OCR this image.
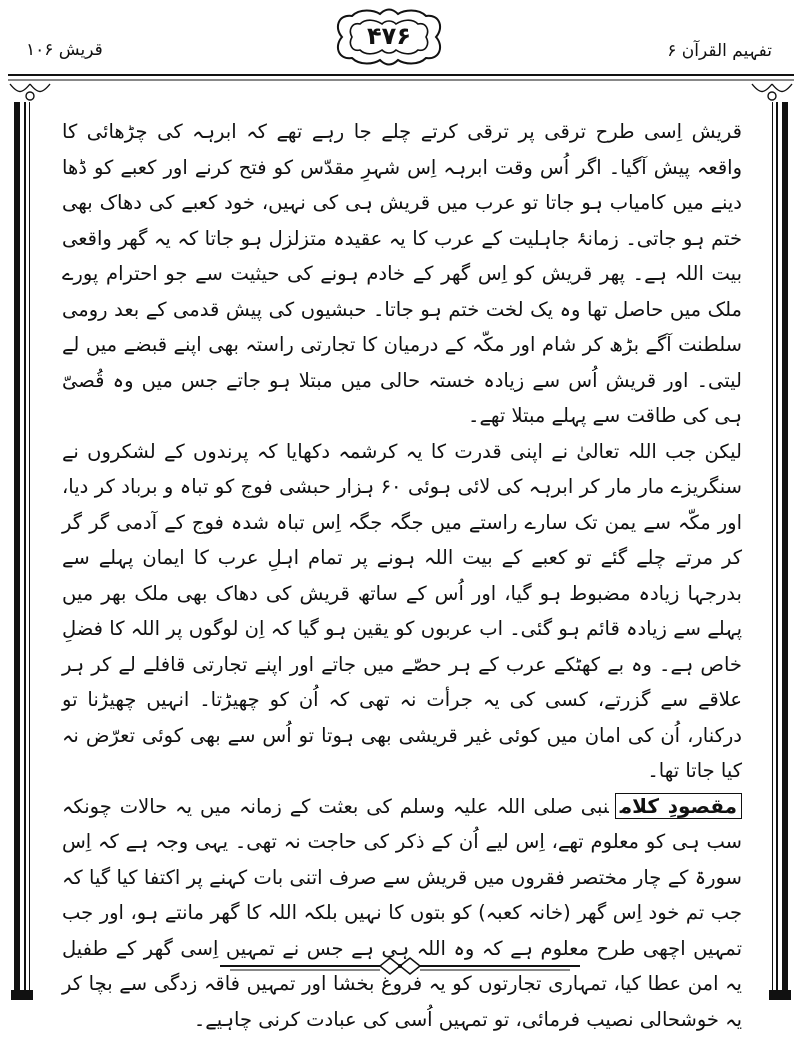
قریش ۱۰۶	تفہیم القرآن ۶
۴۷۶

قریش اِسی طرح ترقی پر ترقی کرتے چلے جا رہے تھے کہ ابرہہ کی چڑھائی کا واقعہ پیش آگیا۔ اگر اُس وقت ابرہہ اِس شہرِ مقدّس کو فتح کرنے اور کعبے کو ڈھا دینے میں کامیاب ہو جاتا تو عرب میں قریش ہی کی نہیں، خود کعبے کی دھاک بھی ختم ہو جاتی۔ زمانۂ جاہلیت کے عرب کا یہ عقیدہ متزلزل ہو جاتا کہ یہ گھر واقعی بیت اللہ ہے۔ پھر قریش کو اِس گھر کے خادم ہونے کی حیثیت سے جو احترام پورے ملک میں حاصل تھا وہ یک لخت ختم ہو جاتا۔ حبشیوں کی پیش قدمی کے بعد رومی سلطنت آگے بڑھ کر شام اور مکّہ کے درمیان کا تجارتی راستہ بھی اپنے قبضے میں لے لیتی۔ اور قریش اُس سے زیادہ خستہ حالی میں مبتلا ہو جاتے جس میں وہ قُصیّ ہی کی طاقت سے پہلے مبتلا تھے۔

لیکن جب اللہ تعالیٰ نے اپنی قدرت کا یہ کرشمہ دکھایا کہ پرندوں کے لشکروں نے سنگریزے مار مار کر ابرہہ کی لائی ہوئی ۶۰ ہزار حبشی فوج کو تباہ و برباد کر دیا، اور مکّہ سے یمن تک سارے راستے میں جگہ جگہ اِس تباہ شدہ فوج کے آدمی گر گر کر مرتے چلے گئے تو کعبے کے بیت اللہ ہونے پر تمام اہلِ عرب کا ایمان پہلے سے بدرجہا زیادہ مضبوط ہو گیا، اور اُس کے ساتھ قریش کی دھاک بھی ملک بھر میں پہلے سے زیادہ قائم ہو گئی۔ اب عربوں کو یقین ہو گیا کہ اِن لوگوں پر اللہ کا فضلِ خاص ہے۔ وہ بے کھٹکے عرب کے ہر حصّے میں جاتے اور اپنے تجارتی قافلے لے کر ہر علاقے سے گزرتے، کسی کی یہ جرأت نہ تھی کہ اُن کو چھیڑتا۔ انہیں چھیڑنا تو درکنار، اُن کی امان میں کوئی غیر قریشی بھی ہوتا تو اُس سے بھی کوئی تعرّض نہ کیا جاتا تھا۔

مقصودِ کلامنبی صلی اللہ علیہ وسلم کی بعثت کے زمانہ میں یہ حالات چونکہ سب ہی کو معلوم تھے، اِس لیے اُن کے ذکر کی حاجت نہ تھی۔ یہی وجہ ہے کہ اِس سورۃ کے چار مختصر فقروں میں قریش سے صرف اتنی بات کہنے پر اکتفا کیا گیا کہ جب تم خود اِس گھر (خانہ کعبہ) کو بتوں کا نہیں بلکہ اللہ کا گھر مانتے ہو، اور جب تمہیں اچھی طرح معلوم ہے کہ وہ اللہ ہی ہے جس نے تمہیں اِسی گھر کے طفیل یہ امن عطا کیا، تمہاری تجارتوں کو یہ فروغ بخشا اور تمہیں فاقہ زدگی سے بچا کر یہ خوشحالی نصیب فرمائی، تو تمہیں اُسی کی عبادت کرنی چاہیے۔
